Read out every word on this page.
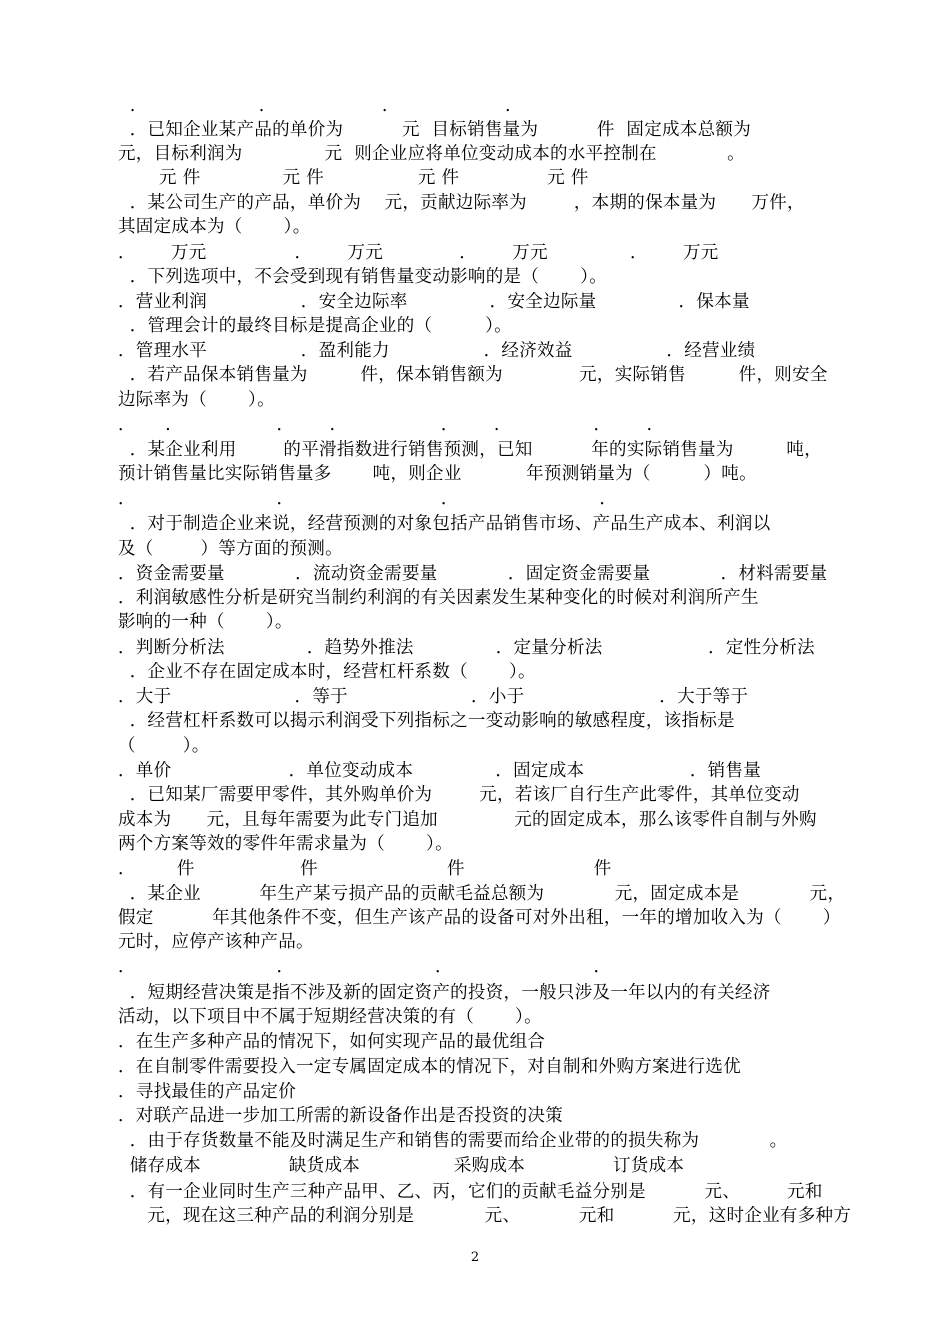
.                     .                    .                    .
．已知企业某产品的单价为          元  目标销售量为          件  固定成本总额为
元，目标利润为              元  则企业应将单位变动成本的水平控制在            。
元 件              元 件                元 件               元 件
．某公司生产的产品，单价为    元，贡献边际率为        ，本期的保本量为      万件，
其固定成本为（       ）。
．      万元               ．      万元             ．      万元              ．      万元
．下列选项中，不会受到现有销售量变动影响的是（       ）。
．营业利润                ．安全边际率              ．安全边际量              ．保本量
．管理会计的最终目标是提高企业的（         ）。
．管理水平                ．盈利能力                ．经济效益                ．经营业绩
．若产品保本销售量为         件，保本销售额为             元，实际销售         件，则安全
边际率为（       ）。
．     .                  ．      .                  ．      .                ．      .
．某企业利用        的平滑指数进行销售预测，已知          年的实际销售量为         吨，
预计销售量比实际销售量多       吨，则企业           年预测销量为（         ）吨。
．                        ．                         ．                        ．
．对于制造企业来说，经营预测的对象包括产品销售市场、产品生产成本、利润以
及（        ）等方面的预测。
．资金需要量            ．流动资金需要量            ．固定资金需要量            ．材料需要量
．利润敏感性分析是研究当制约利润的有关因素发生某种变化的时候对利润所产生
影响的一种（       ）。
．判断分析法              ．趋势外推法              ．定量分析法                  ．定性分析法
．企业不存在固定成本时，经营杠杆系数（       ）。
．大于                     ．等于                     ．小于                       ．大于等于
．经营杠杆系数可以揭示利润受下列指标之一变动影响的敏感程度，该指标是
（        ）。
．单价                    ．单位变动成本              ．固定成本                  ．销售量
．已知某厂需要甲零件，其外购单价为        元，若该厂自行生产此零件，其单位变动
成本为      元，且每年需要为此专门追加             元的固定成本，那么该零件自制与外购
两个方案等效的零件年需求量为（       ）。
．       件                  件                      件                      件
．某企业          年生产某亏损产品的贡献毛益总额为            元，固定成本是            元，
假定          年其他条件不变，但生产该产品的设备可对外出租，一年的增加收入为（       ）
元时，应停产该种产品。
．                        ．                        ．                        ．
．短期经营决策是指不涉及新的固定资产的投资，一般只涉及一年以内的有关经济
活动，以下项目中不属于短期经营决策的有（       ）。
．在生产多种产品的情况下，如何实现产品的最优组合
．在自制零件需要投入一定专属固定成本的情况下，对自制和外购方案进行选优
．寻找最佳的产品定价
．对联产品进一步加工所需的新设备作出是否投资的决策
．由于存货数量不能及时满足生产和销售的需要而给企业带的的损失称为            。
储存成本               缺货成本                采购成本               订货成本
．有一企业同时生产三种产品甲、乙、丙，它们的贡献毛益分别是          元、        元和
元，现在这三种产品的利润分别是            元、          元和          元，这时企业有多种方
2
